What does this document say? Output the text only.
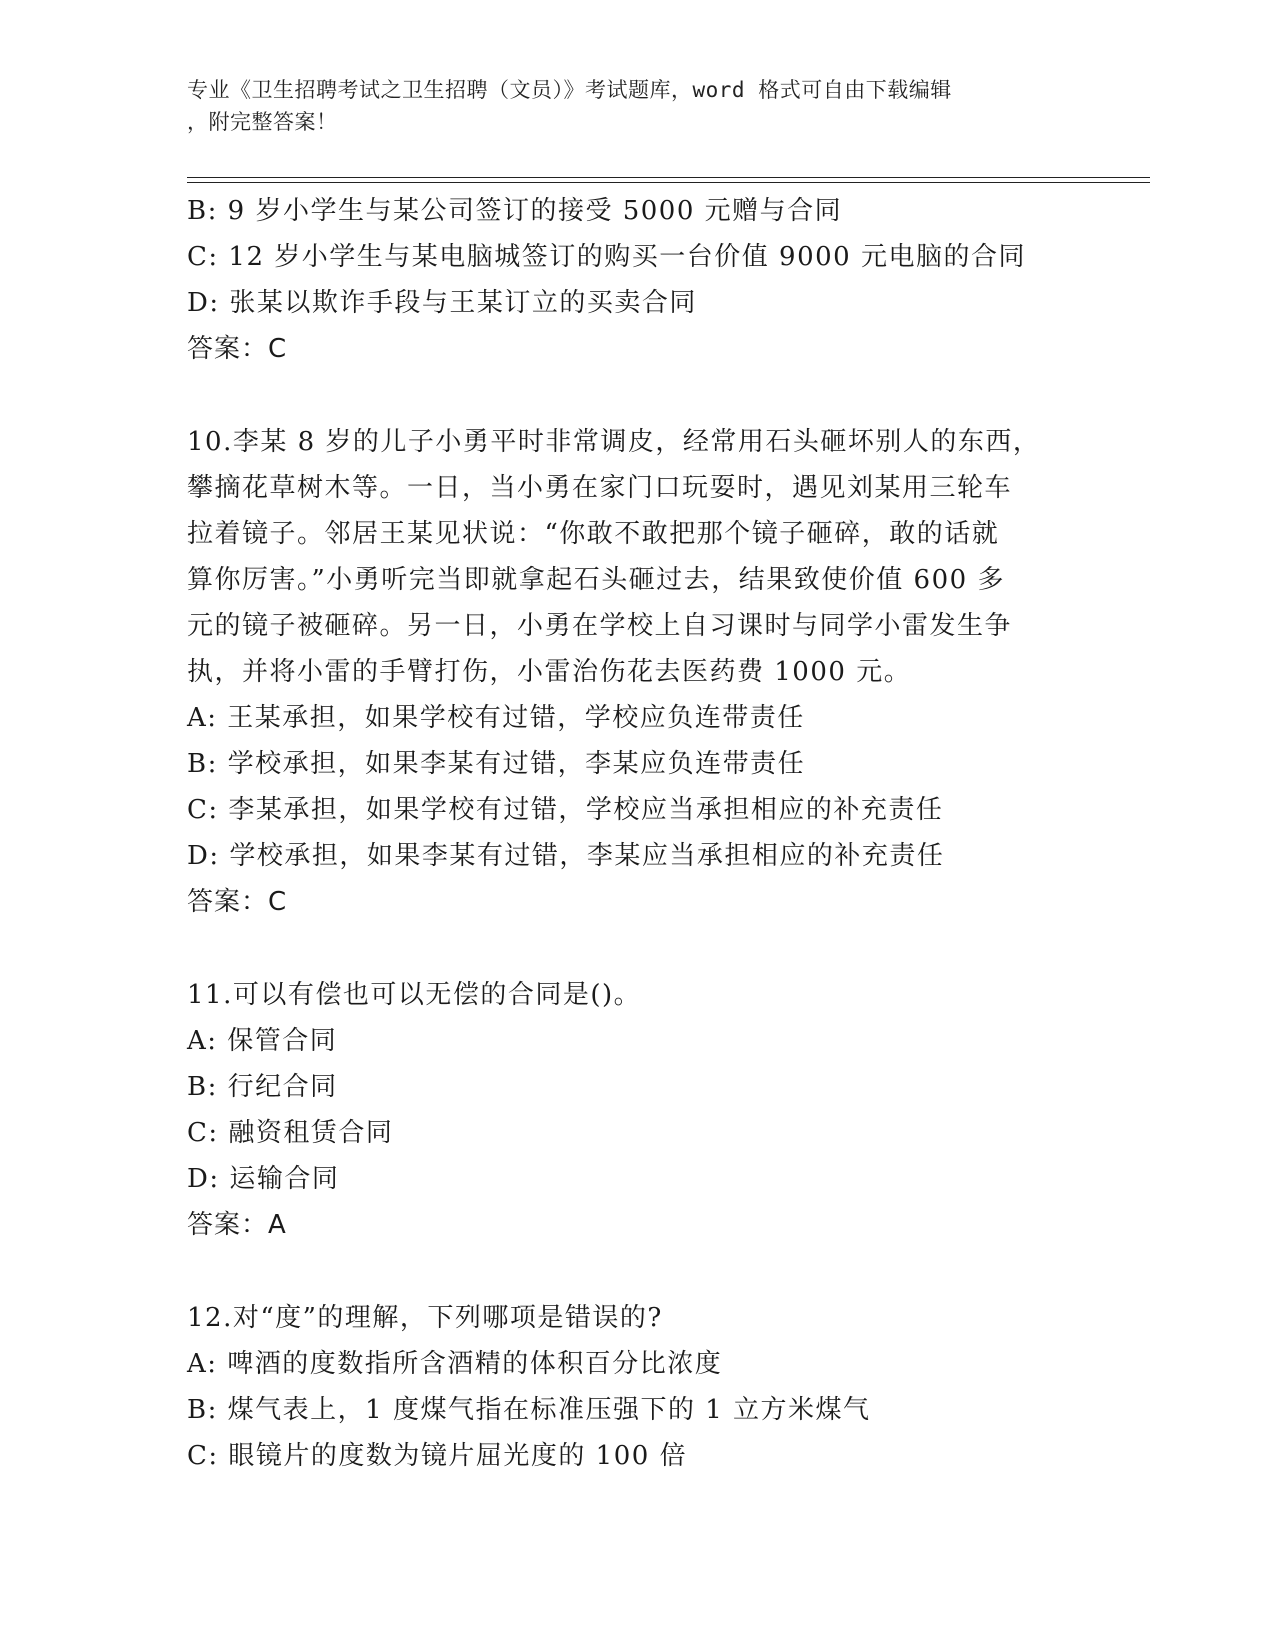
专业《卫生招聘考试之卫生招聘（文员）》考试题库，word 格式可自由下载编辑
，附完整答案！
B: 9 岁小学生与某公司签订的接受 5000 元赠与合同
C: 12 岁小学生与某电脑城签订的购买一台价值 9000 元电脑的合同
D: 张某以欺诈手段与王某订立的买卖合同
答案：C
10.李某 8 岁的儿子小勇平时非常调皮，经常用石头砸坏别人的东西，
攀摘花草树木等。一日，当小勇在家门口玩耍时，遇见刘某用三轮车
拉着镜子。邻居王某见状说：“你敢不敢把那个镜子砸碎，敢的话就
算你厉害。”小勇听完当即就拿起石头砸过去，结果致使价值 600 多
元的镜子被砸碎。另一日，小勇在学校上自习课时与同学小雷发生争
执，并将小雷的手臂打伤，小雷治伤花去医药费 1000 元。
A: 王某承担，如果学校有过错，学校应负连带责任
B: 学校承担，如果李某有过错，李某应负连带责任
C: 李某承担，如果学校有过错，学校应当承担相应的补充责任
D: 学校承担，如果李某有过错，李某应当承担相应的补充责任
答案：C
11.可以有偿也可以无偿的合同是()。
A: 保管合同
B: 行纪合同
C: 融资租赁合同
D: 运输合同
答案：A
12.对“度”的理解，下列哪项是错误的?
A: 啤酒的度数指所含酒精的体积百分比浓度
B: 煤气表上，1 度煤气指在标准压强下的 1 立方米煤气
C: 眼镜片的度数为镜片屈光度的 100 倍
